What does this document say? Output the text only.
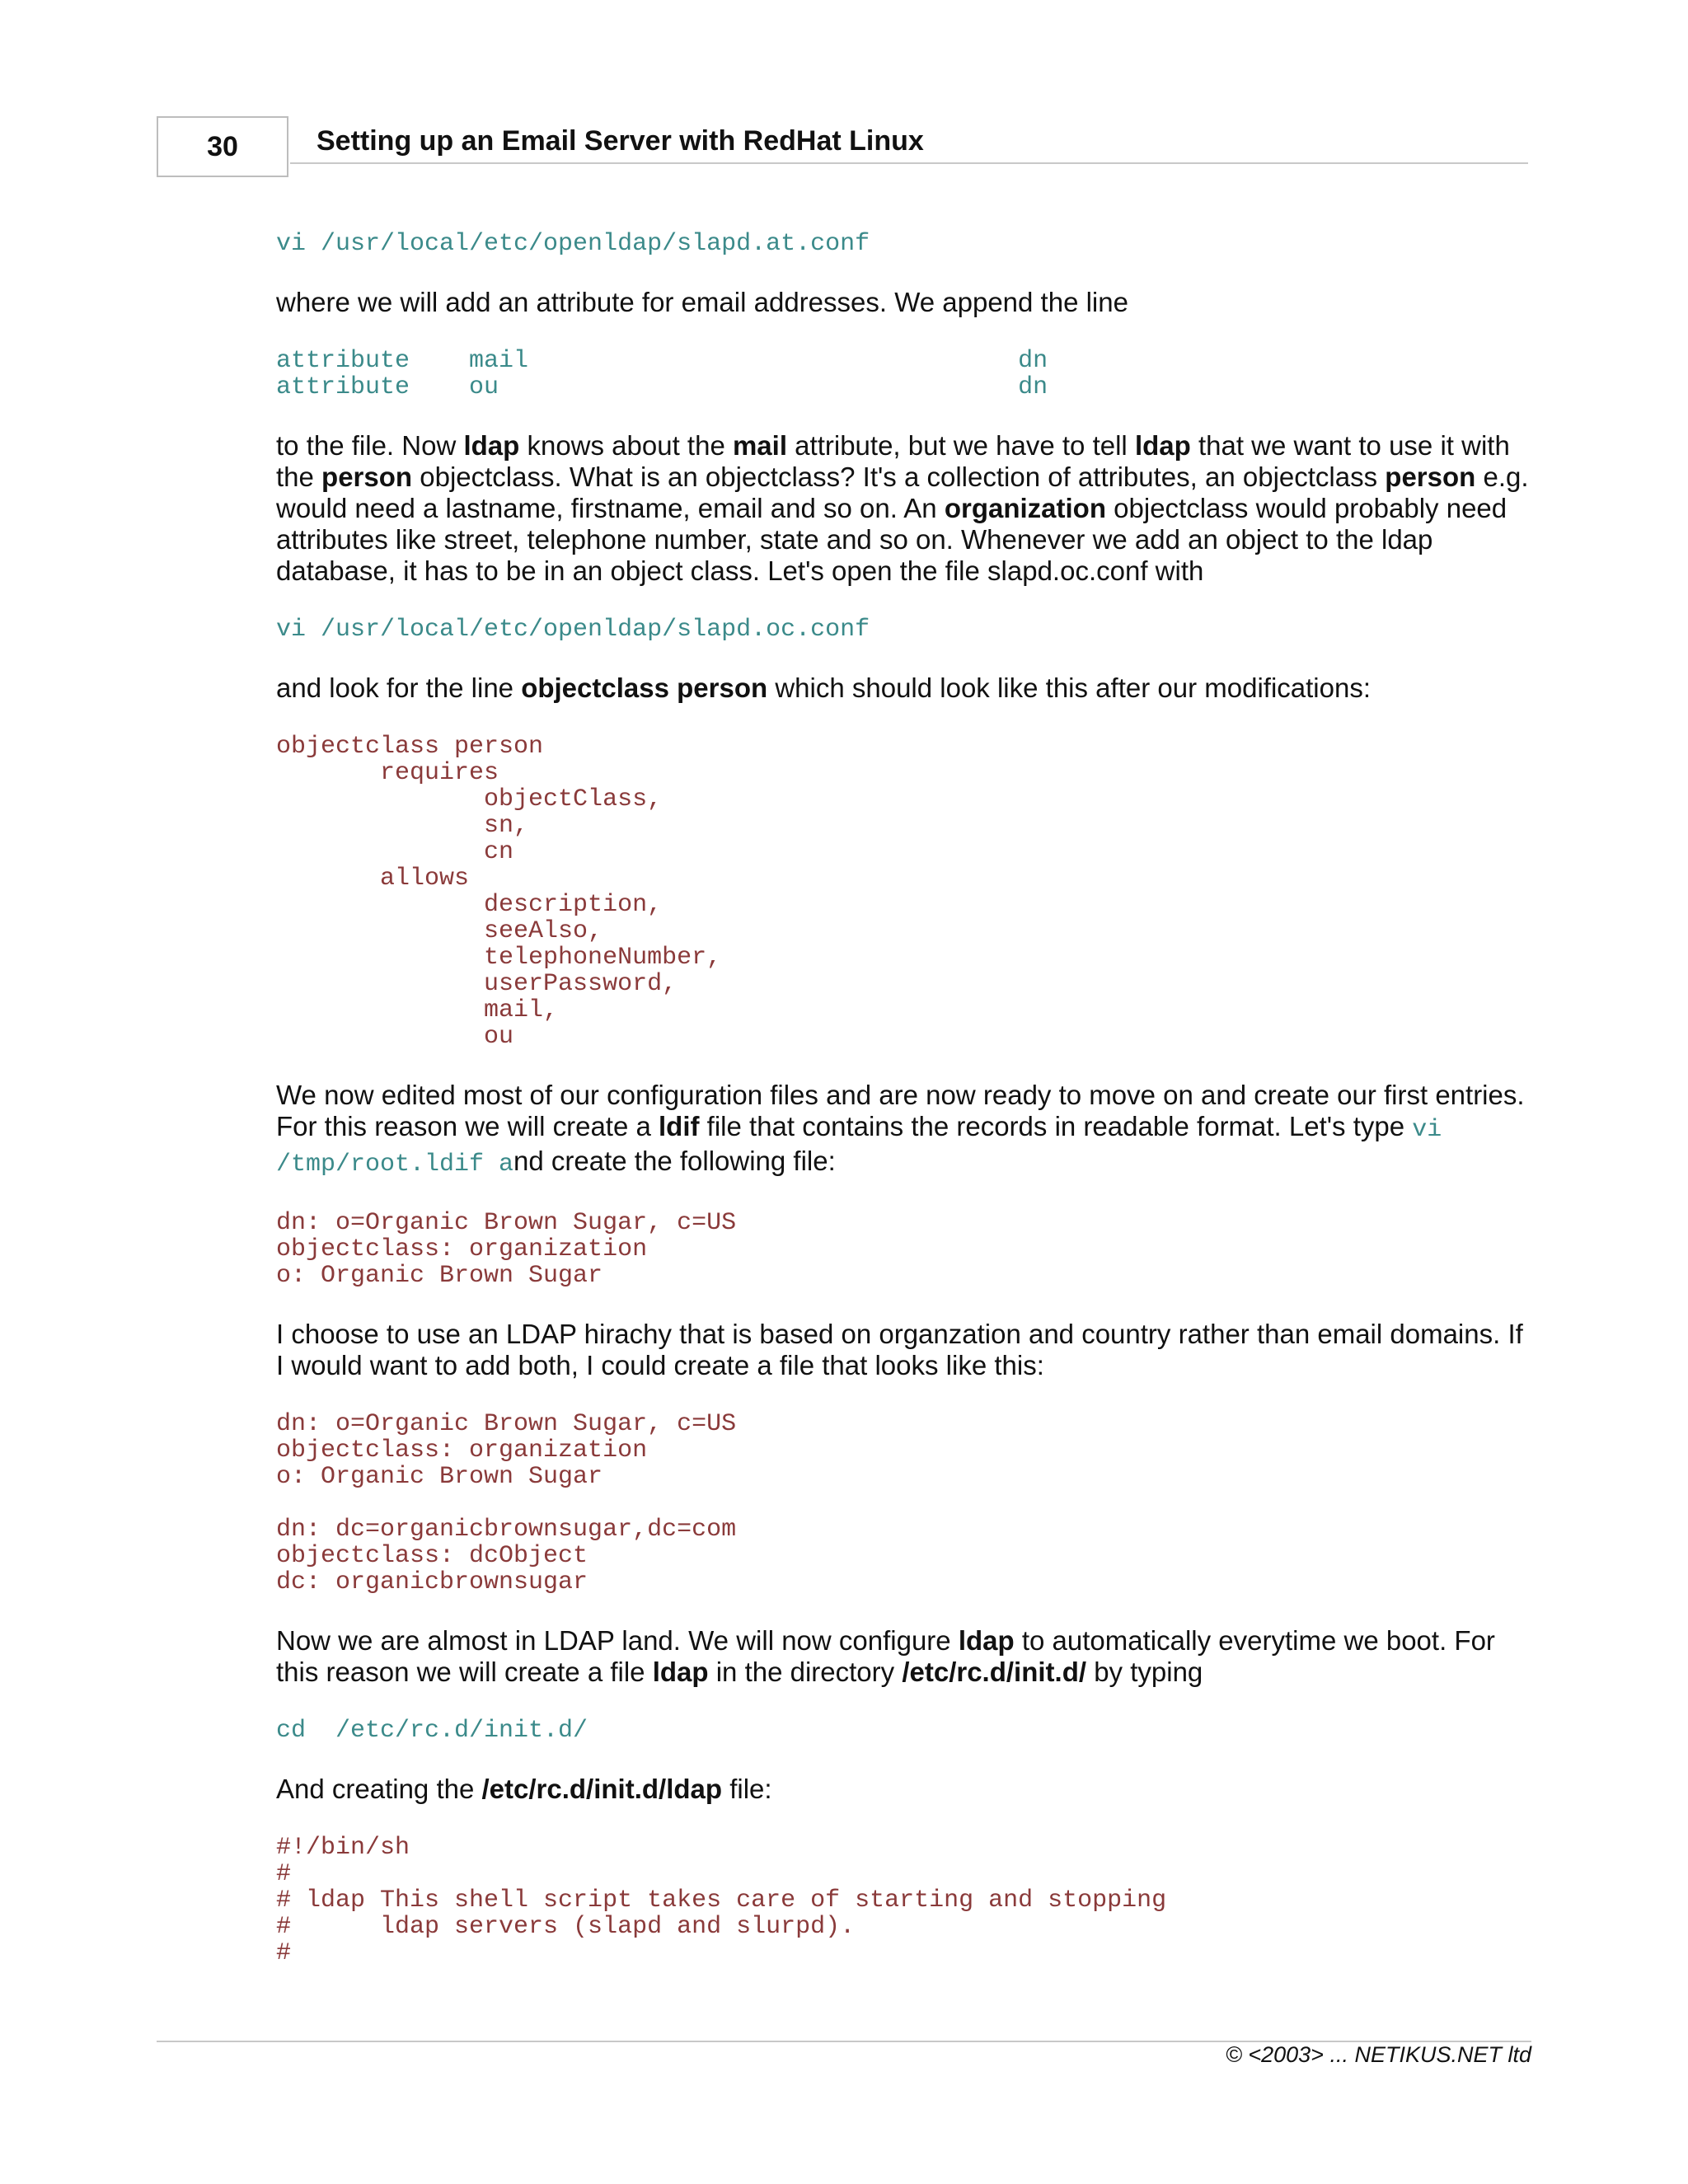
30	Setting up an Email Server with RedHat Linux
vi /usr/local/etc/openldap/slapd.at.conf

where we will add an attribute for email addresses. We append the line

attribute    mail                                 dn
attribute    ou                                   dn

to the file. Now ldap knows about the mail attribute, but we have to tell ldap that we want to use it with the person objectclass. What is an objectclass? It's a collection of attributes, an objectclass person e.g. would need a lastname, firstname, email and so on. An organization objectclass would probably need attributes like street, telephone number, state and so on. Whenever we add an object to the ldap database, it has to be in an object class. Let's open the file slapd.oc.conf with

vi /usr/local/etc/openldap/slapd.oc.conf

and look for the line objectclass person which should look like this after our modifications:

objectclass person
requires
objectClass,
sn,
cn
allows
description,
seeAlso,
telephoneNumber,
userPassword,
mail,
ou

We now edited most of our configuration files and are now ready to move on and create our first entries. For this reason we will create a ldif file that contains the records in readable format. Let's type vi /tmp/root.ldif and create the following file:

dn: o=Organic Brown Sugar, c=US
objectclass: organization
o: Organic Brown Sugar

I choose to use an LDAP hirachy that is based on organzation and country rather than email domains. If I would want to add both, I could create a file that looks like this:

dn: o=Organic Brown Sugar, c=US
objectclass: organization
o: Organic Brown Sugar

dn: dc=organicbrownsugar,dc=com
objectclass: dcObject
dc: organicbrownsugar

Now we are almost in LDAP land. We will now configure ldap to automatically everytime we boot. For this reason we will create a file ldap in the directory /etc/rc.d/init.d/ by typing

cd  /etc/rc.d/init.d/

And creating the /etc/rc.d/init.d/ldap file:

#!/bin/sh
#
# ldap This shell script takes care of starting and stopping
#      ldap servers (slapd and slurpd).
#
© <2003> ... NETIKUS.NET ltd
